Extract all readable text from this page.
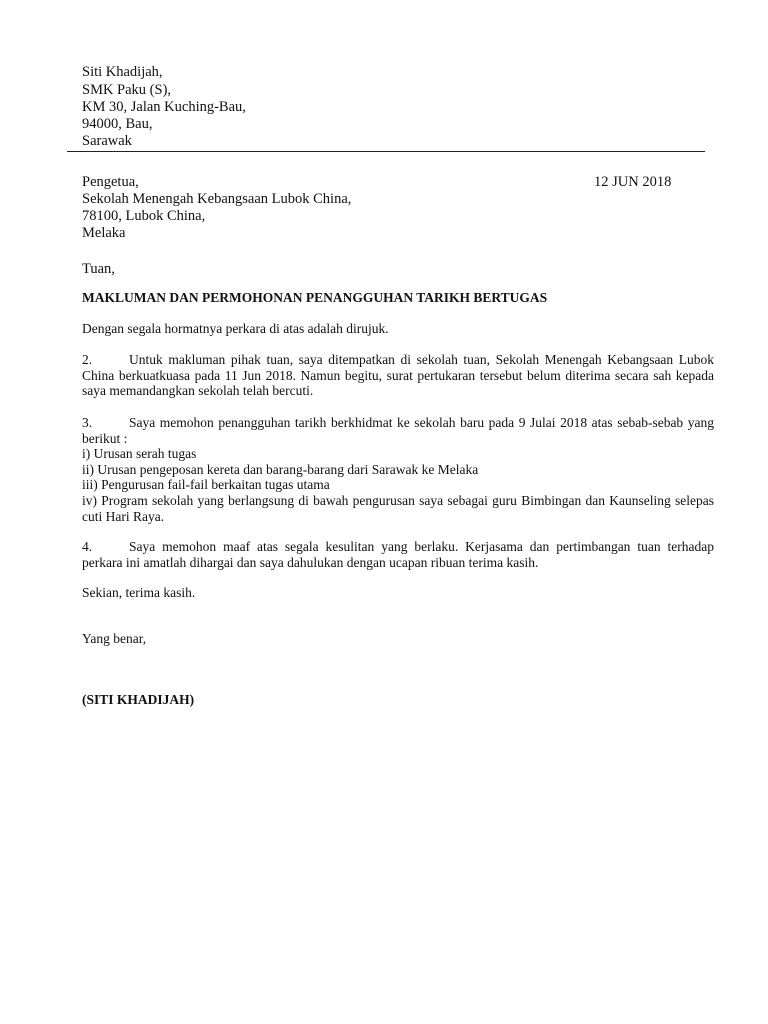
Siti Khadijah,
SMK Paku (S),
KM 30, Jalan Kuching-Bau,
94000, Bau,
Sarawak
Pengetua,
Sekolah Menengah Kebangsaan Lubok China,
78100, Lubok China,
Melaka
12 JUN 2018
Tuan,
MAKLUMAN DAN PERMOHONAN PENANGGUHAN TARIKH BERTUGAS
Dengan segala hormatnya perkara di atas adalah dirujuk.
2.	Untuk makluman pihak tuan, saya ditempatkan di sekolah tuan, Sekolah Menengah Kebangsaan Lubok China berkuatkuasa pada 11 Jun 2018. Namun begitu, surat pertukaran tersebut belum diterima secara sah kepada saya memandangkan sekolah telah bercuti.
3.	Saya memohon penangguhan tarikh berkhidmat ke sekolah baru pada 9 Julai 2018 atas sebab-sebab yang berikut :
i) Urusan serah tugas
ii) Urusan pengeposan kereta dan barang-barang dari Sarawak ke Melaka
iii) Pengurusan fail-fail berkaitan tugas utama
iv) Program sekolah yang berlangsung di bawah pengurusan saya sebagai guru Bimbingan dan Kaunseling selepas cuti Hari Raya.
4.	Saya memohon maaf atas segala kesulitan yang berlaku. Kerjasama dan pertimbangan tuan terhadap perkara ini amatlah dihargai dan saya dahulukan dengan ucapan ribuan terima kasih.
Sekian, terima kasih.
Yang benar,
(SITI KHADIJAH)
